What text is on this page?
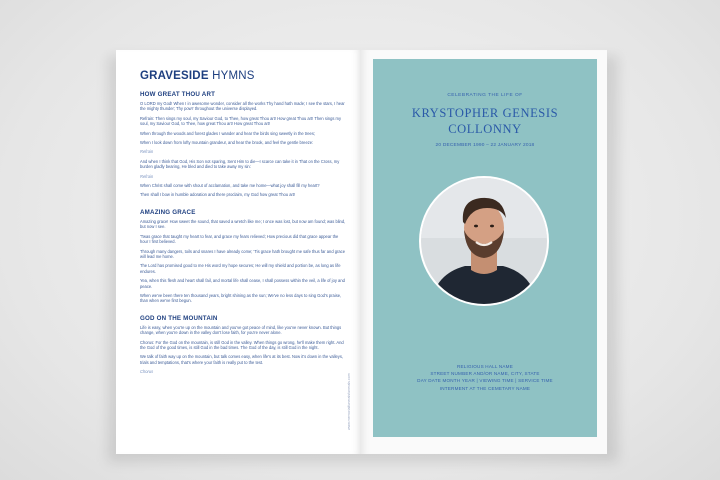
GRAVESIDE HYMNS
HOW GREAT THOU ART
O LORD my God! When I in awesome wonder, consider all the works Thy hand hath made; I see the stars, I hear the mighty thunder; Thy pow'r throughout the universe displayed.
Refrain: Then sings my soul, my Saviour God, to Thee, how great Thou art! How great Thou art! Then sings my soul, my Saviour God, to Thee, how great Thou art! How great Thou art!
When through the woods and forest glades I wander and hear the birds sing sweetly in the trees;
When I look down from lofty mountain grandeur, and hear the brook, and feel the gentle breeze:
Refrain
And when I think that God, His Son not sparing, Sent Him to die—I scarce can take it in That on the Cross, my burden gladly bearing, He bled and died to take away my sin:
Refrain
When Christ shall come with shout of acclamation, and take me home—what joy shall fill my heart?
Then shall I bow in humble adoration and there proclaim, my God how great Thou art!
AMAZING GRACE
Amazing grace! How sweet the sound, that saved a wretch like me; I once was lost, but now am found; was blind, but now I see.
'Twas grace that taught my heart to fear, and grace my fears relieved; How precious did that grace appear the hour I first believed.
Through many dangers, toils and snares I have already come; 'Tis grace hath brought me safe thus far and grace will lead me home.
The Lord has promised good to me His word my hope secures; He will my shield and portion be, as long as life endures.
Yea, when this flesh and heart shall fail, and mortal life shall cease, I shall possess within the veil, a life of joy and peace.
When we've been there ten thousand years, bright shining as the sun; We've no less days to sing God's praise, than when we've first begun.
GOD ON THE MOUNTAIN
Life is easy, when you're up on the mountain and you've got peace of mind, like you've never known. But things change, when you're down in the valley don't lose faith, for you're never alone.
Chorus: For the God on the mountain, is still God in the valley. When things go wrong, he'll make them right. And the God of the good times, is still God in the bad times. The God of the day, is still God in the night.
We talk of faith way up on the mountain, but talk comes easy, when life's at its best. Now it's down in the valleys, trials and temptations, that's where your faith is really put to the test.
Chorus
www.memorialfuneralsfunerals.com
CELEBRATING THE LIFE OF
KRYSTOPHER GENESIS
COLLONNY
20 DECEMBER 1990 – 22 JANUARY 2018
RELIGIOUS HALL NAME
STREET NUMBER AND/OR NAME, CITY, STATE
DAY DATE MONTH YEAR | VIEWING TIME | SERVICE TIME
INTERMENT AT THE CEMETARY NAME
